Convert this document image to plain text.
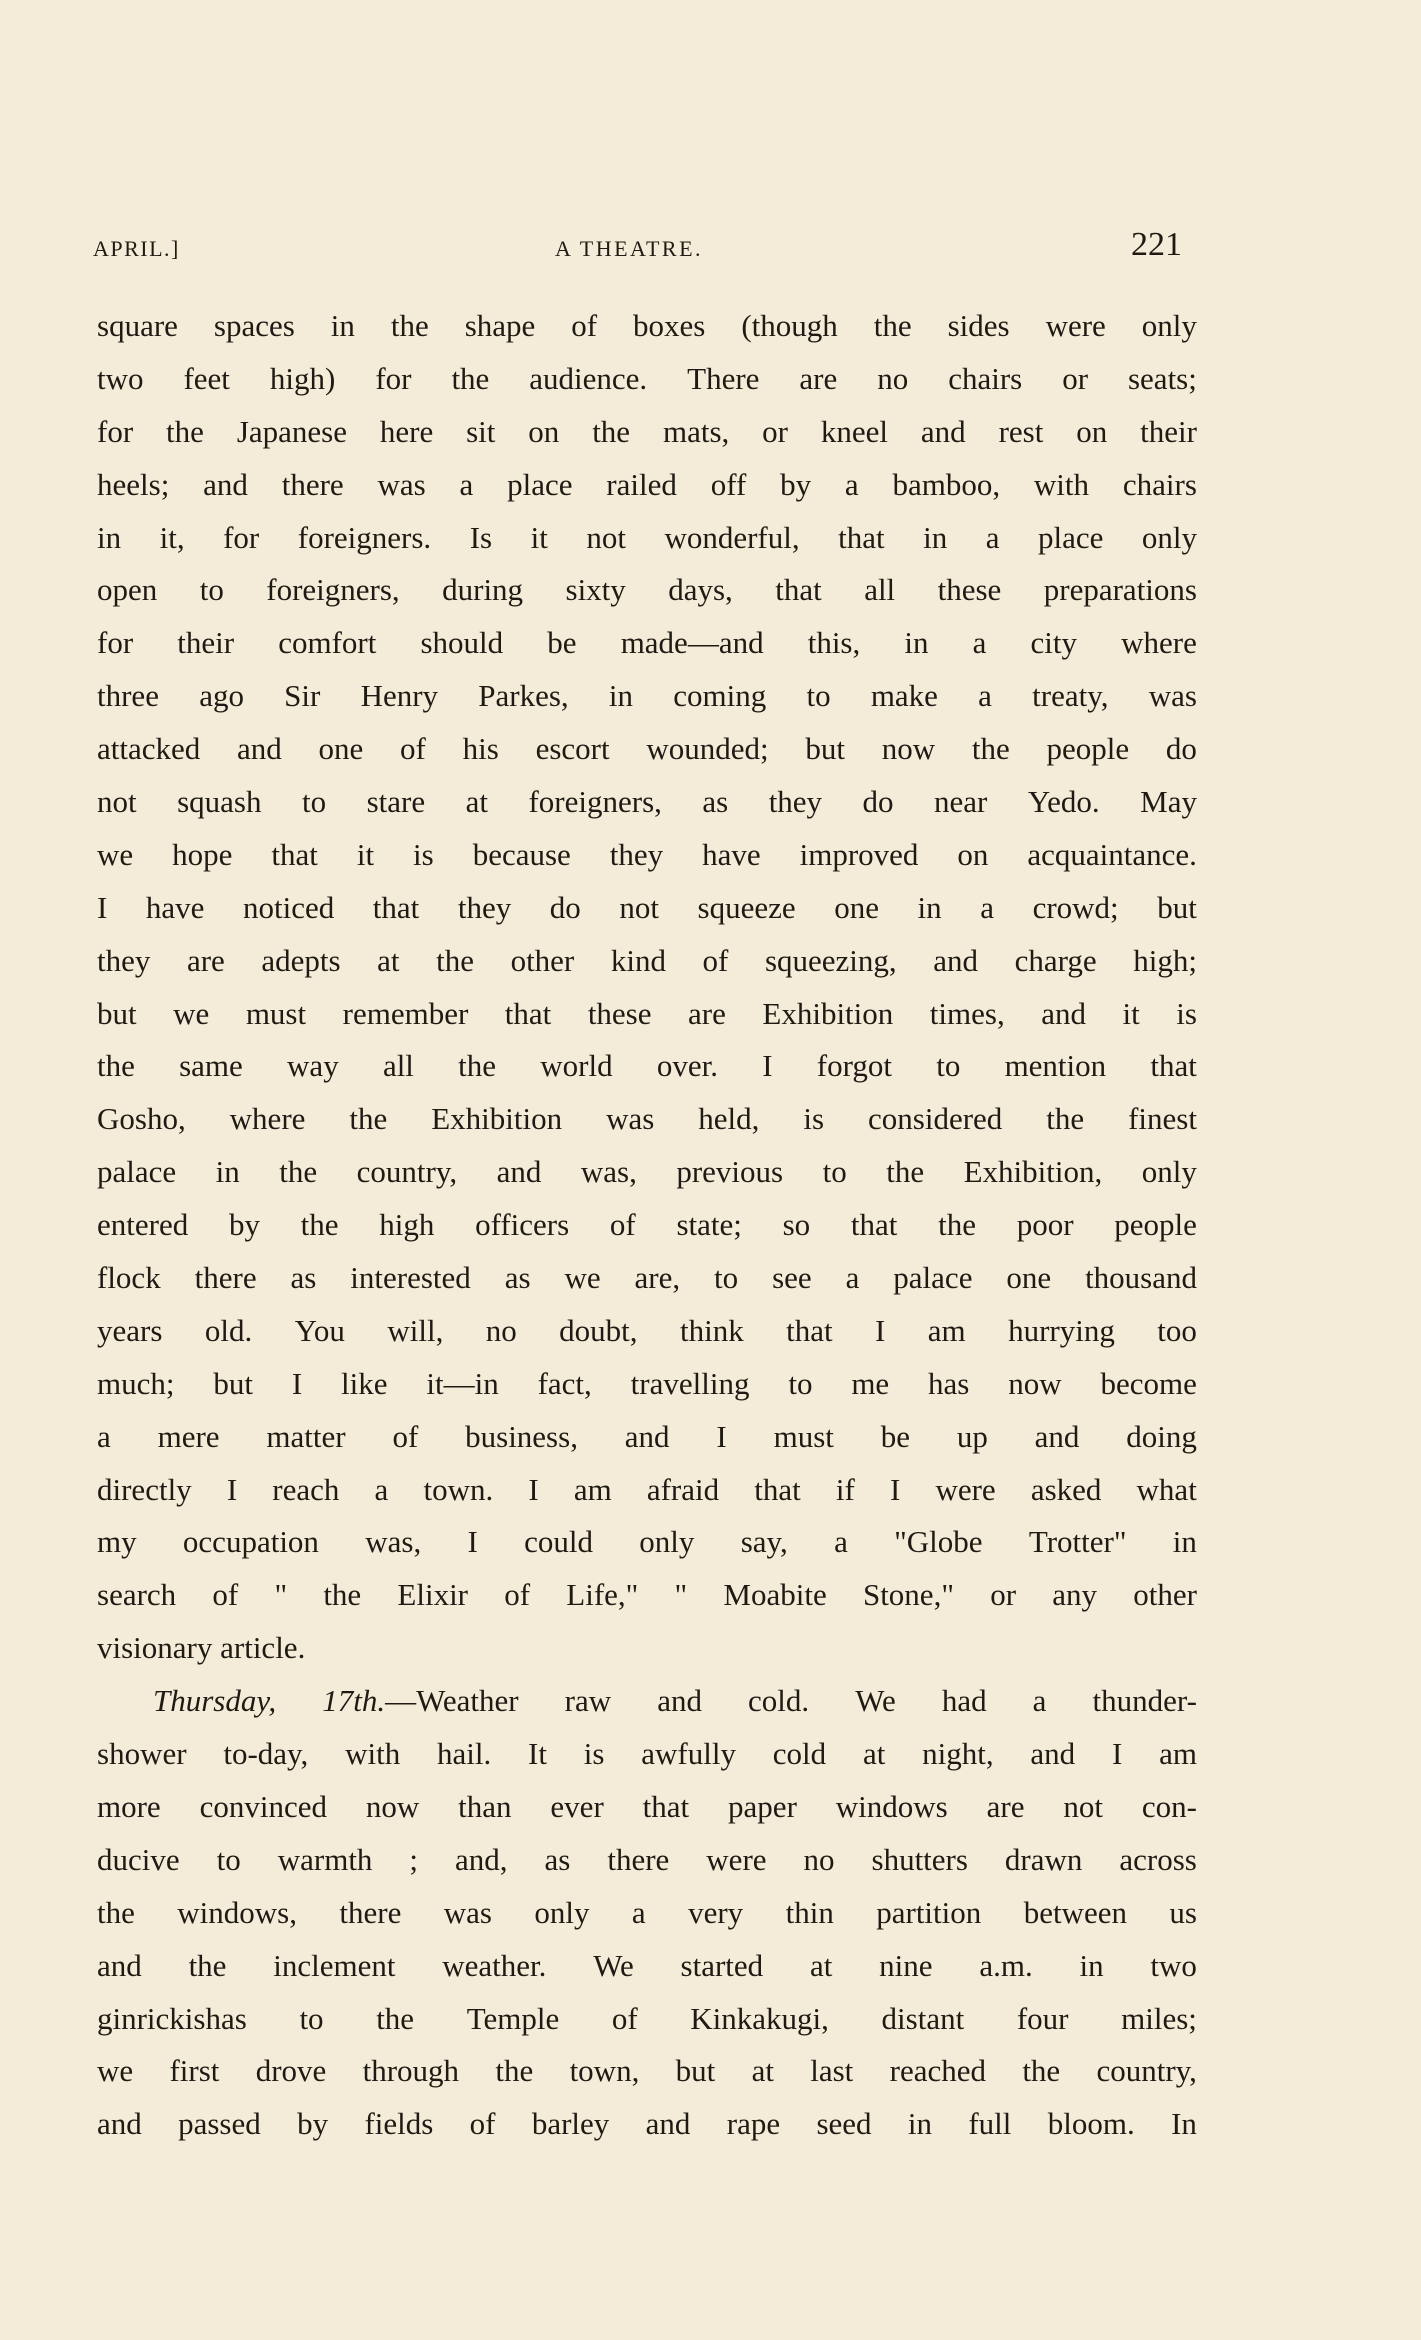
APRIL.]	A THEATRE.	221
square spaces in the shape of boxes (though the sides were only
two feet high) for the audience. There are no chairs or seats;
for the Japanese here sit on the mats, or kneel and rest on their
heels; and there was a place railed off by a bamboo, with chairs
in it, for foreigners. Is it not wonderful, that in a place only
open to foreigners, during sixty days, that all these preparations
for their comfort should be made—and this, in a city where
three ago Sir Henry Parkes, in coming to make a treaty, was
attacked and one of his escort wounded; but now the people do
not squash to stare at foreigners, as they do near Yedo. May
we hope that it is because they have improved on acquaintance.
I have noticed that they do not squeeze one in a crowd; but
they are adepts at the other kind of squeezing, and charge high;
but we must remember that these are Exhibition times, and it is
the same way all the world over. I forgot to mention that
Gosho, where the Exhibition was held, is considered the finest
palace in the country, and was, previous to the Exhibition, only
entered by the high officers of state; so that the poor people
flock there as interested as we are, to see a palace one thousand
years old. You will, no doubt, think that I am hurrying too
much; but I like it—in fact, travelling to me has now become
a mere matter of business, and I must be up and doing
directly I reach a town. I am afraid that if I were asked what
my occupation was, I could only say, a "Globe Trotter" in
search of " the Elixir of Life," " Moabite Stone," or any other
visionary article.
Thursday, 17th.—Weather raw and cold. We had a thunder-
shower to-day, with hail. It is awfully cold at night, and I am
more convinced now than ever that paper windows are not con-
ducive to warmth ; and, as there were no shutters drawn across
the windows, there was only a very thin partition between us
and the inclement weather. We started at nine a.m. in two
ginrickishas to the Temple of Kinkakugi, distant four miles;
we first drove through the town, but at last reached the country,
and passed by fields of barley and rape seed in full bloom. In
